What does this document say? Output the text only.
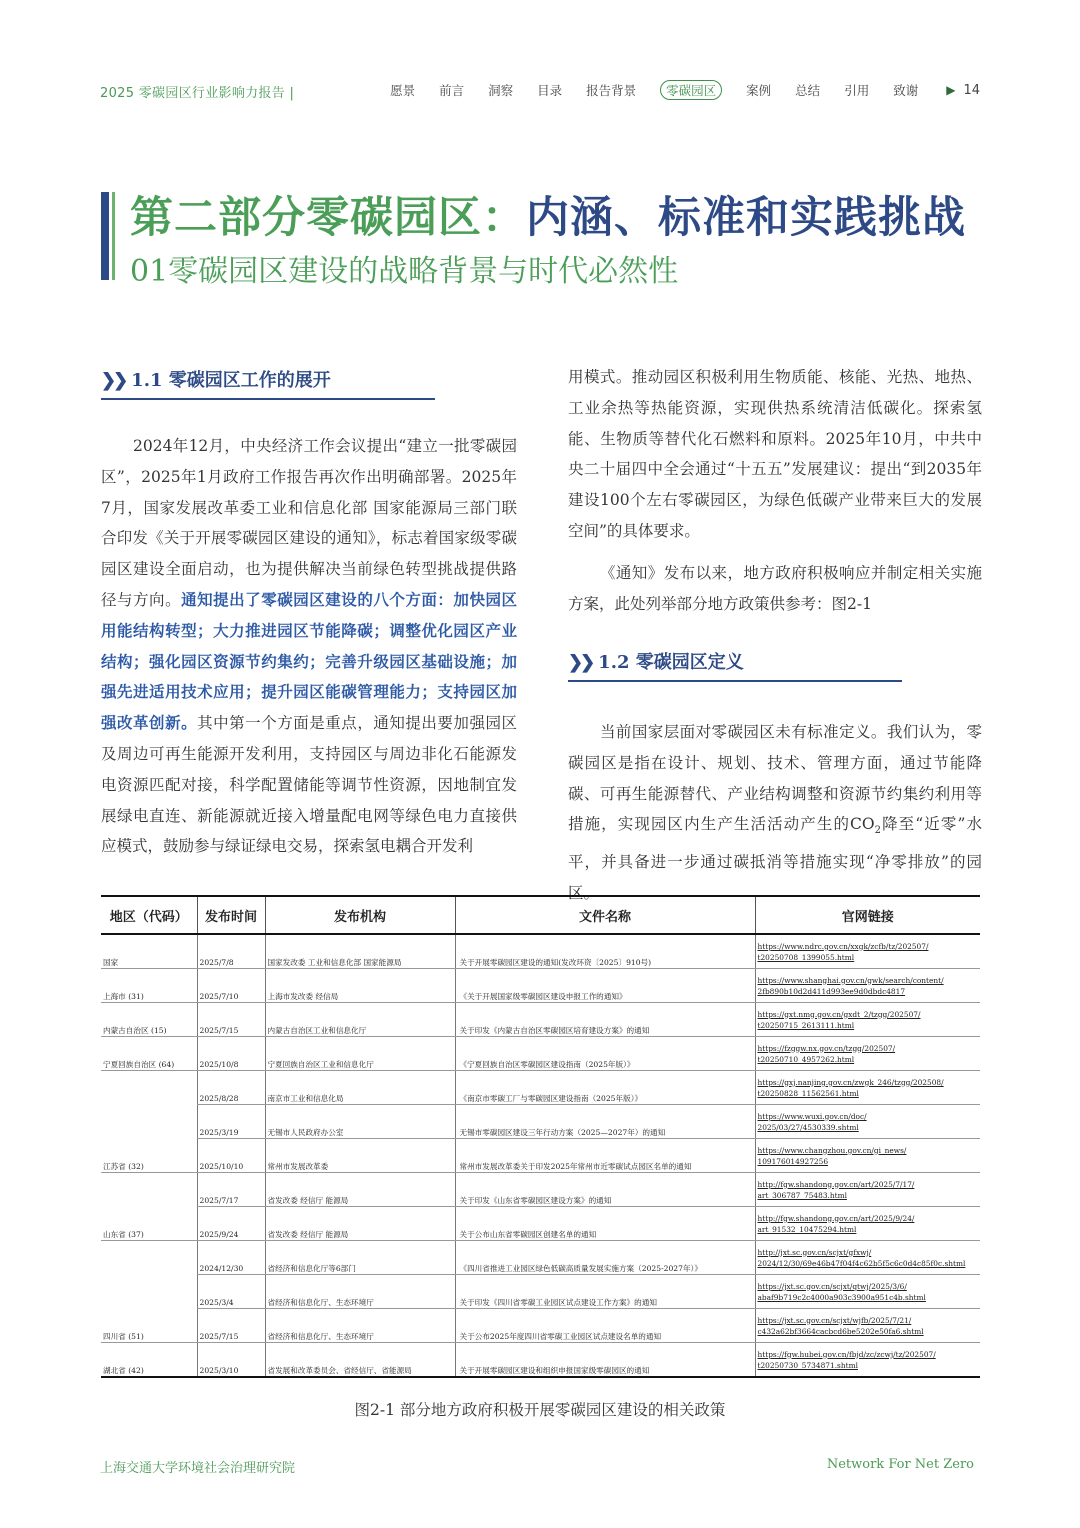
2025 零碳园区行业影响力报告 |	愿景 前言 洞察 目录 报告背景	零碳园区	案例 总结 引用 致谢 ▶ 14
第二部分零碳园区：内涵、标准和实践挑战
01零碳园区建设的战略背景与时代必然性
❯❯ 1.1 零碳园区工作的展开
2024年12月，中央经济工作会议提出“建立一批零碳园区”，2025年1月政府工作报告再次作出明确部署。2025年7月，国家发展改革委工业和信息化部 国家能源局三部门联合印发《关于开展零碳园区建设的通知》，标志着国家级零碳园区建设全面启动，也为提供解决当前绿色转型挑战提供路径与方向。通知提出了零碳园区建设的八个方面：加快园区用能结构转型；大力推进园区节能降碳；调整优化园区产业结构；强化园区资源节约集约；完善升级园区基础设施；加强先进适用技术应用；提升园区能碳管理能力；支持园区加强改革创新。其中第一个方面是重点，通知提出要加强园区及周边可再生能源开发利用，支持园区与周边非化石能源发电资源匹配对接，科学配置储能等调节性资源，因地制宜发展绿电直连、新能源就近接入增量配电网等绿色电力直接供应模式，鼓励参与绿证绿电交易，探索氢电耦合开发利
用模式。推动园区积极利用生物质能、核能、光热、地热、工业余热等热能资源，实现供热系统清洁低碳化。探索氢能、生物质等替代化石燃料和原料。2025年10月，中共中央二十届四中全会通过“十五五”发展建议：提出“到2035年建设100个左右零碳园区，为绿色低碳产业带来巨大的发展空间”的具体要求。
《通知》发布以来，地方政府积极响应并制定相关实施方案，此处列举部分地方政策供参考：图2-1
❯❯ 1.2 零碳园区定义
当前国家层面对零碳园区未有标准定义。我们认为，零碳园区是指在设计、规划、技术、管理方面，通过节能降碳、可再生能源替代、产业结构调整和资源节约集约利用等措施，实现园区内生产生活活动产生的$CO_2$降至“近零”水平，并具备进一步通过碳抵消等措施实现“净零排放”的园区。
地区（代码）	发布时间	发布机构	文件名称	官网链接
国家	2025/7/8	国家发改委 工业和信息化部 国家能源局	关于开展零碳园区建设的通知(发改环资〔2025〕910号)	https://www.ndrc.gov.cn/xxgk/zcfb/tz/202507/
t20250708_1399055.html
上海市 (31)	2025/7/10	上海市发改委 经信局	《关于开展国家级零碳园区建设申报工作的通知》	https://www.shanghai.gov.cn/gwk/search/content/
2fb890b10d2d411d993ee9d0dbdc4817
内蒙古自治区 (15)	2025/7/15	内蒙古自治区工业和信息化厅	关于印发《内蒙古自治区零碳园区培育建设方案》的通知	https://gxt.nmg.gov.cn/gxdt_2/tzgg/202507/
t20250715_2613111.html
宁夏回族自治区 (64)	2025/10/8	宁夏回族自治区工业和信息化厅	《宁夏回族自治区零碳园区建设指南（2025年版）》	https://fzggw.nx.gov.cn/tzgg/202507/
t20250710_4957262.html
	2025/8/28	南京市工业和信息化局	《南京市零碳工厂与零碳园区建设指南（2025年版）》	https://gxj.nanjing.gov.cn/zwgk_246/tzgg/202508/
t20250828_11562561.html
	2025/3/19	无锡市人民政府办公室	无锡市零碳园区建设三年行动方案（2025—2027年）的通知	https://www.wuxi.gov.cn/doc/
2025/03/27/4530339.shtml
江苏省 (32)	2025/10/10	常州市发展改革委	常州市发展改革委关于印发2025年常州市近零碳试点园区名单的通知	https://www.changzhou.gov.cn/gi_news/
109176014927256
	2025/7/17	省发改委 经信厅 能源局	关于印发《山东省零碳园区建设方案》的通知	http://fgw.shandong.gov.cn/art/2025/7/17/
art_306787_75483.html
山东省 (37)	2025/9/24	省发改委 经信厅 能源局	关于公布山东省零碳园区创建名单的通知	http://fgw.shandong.gov.cn/art/2025/9/24/
art_91532_10475294.html
	2024/12/30	省经济和信息化厅等6部门	《四川省推进工业园区绿色低碳高质量发展实施方案（2025-2027年）》	http://jxt.sc.gov.cn/scjxt/gfxwj/
2024/12/30/69e46b47f04f4c62b5f5c6c0d4c85f0c.shtml
	2025/3/4	省经济和信息化厅、生态环境厅	关于印发《四川省零碳工业园区试点建设工作方案》的通知	https://jxt.sc.gov.cn/scjxt/qtwj/2025/3/6/
abaf9b719c2c4000a903c3900a951c4b.shtml
四川省 (51)	2025/7/15	省经济和信息化厅、生态环境厅	关于公布2025年度四川省零碳工业园区试点建设名单的通知	https://jxt.sc.gov.cn/scjxt/wjfb/2025/7/21/
c432a62bf3664cacbcd6be5202e50fa6.shtml
湖北省 (42)	2025/3/10	省发展和改革委员会、省经信厅、省能源局	关于开展零碳园区建设和组织申报国家级零碳园区的通知	https://fgw.hubei.gov.cn/fbjd/zc/zcwj/tz/202507/
t20250730_5734871.shtml
图2-1 部分地方政府积极开展零碳园区建设的相关政策
上海交通大学环境社会治理研究院	Network For Net Zero
